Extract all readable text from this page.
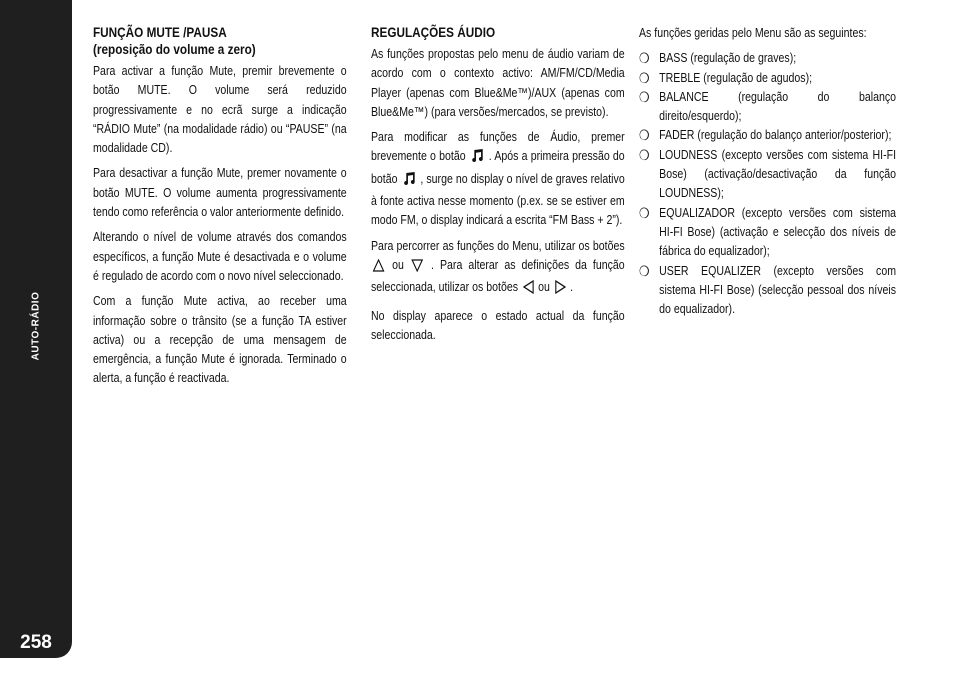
AUTO-RÁDIO
258
FUNÇÃO MUTE /PAUSA
(reposição do volume a zero)

Para activar a função Mute, premir brevemente o botão MUTE. O volume será reduzido progressivamente e no ecrã surge a indicação “RÁDIO Mute” (na modalidade rádio) ou “PAUSE” (na modalidade CD).

Para desactivar a função Mute, premer novamente o botão MUTE. O volume aumenta progressivamente tendo como referência o valor anteriormente definido.

Alterando o nível de volume através dos comandos específicos, a função Mute é desactivada e o volume é regulado de acordo com o novo nível seleccionado.

Com a função Mute activa, ao receber uma informação sobre o trânsito (se a função TA estiver activa) ou a recepção de uma mensagem de emergência, a função Mute é ignorada. Terminado o alerta, a função é reactivada.

REGULAÇÕES ÁUDIO

As funções propostas pelo menu de áudio variam de acordo com o contexto activo: AM/FM/CD/Media Player (apenas com Blue&Me™)/AUX (apenas com Blue&Me™) (para versões/mercados, se previsto).

Para modificar as funções de Áudio, premer brevemente o botão . Após a primeira pressão do botão , surge no display o nível de graves relativo à fonte activa nesse momento (p.ex. se se estiver em modo FM, o display indicará a escrita “FM Bass + 2”).

Para percorrer as funções do Menu, utilizar os botões  ou . Para alterar as definições da função seleccionada, utilizar os botões ou .

No display aparece o estado actual da função seleccionada.

As funções geridas pelo Menu são as seguintes:

❍ BASS (regulação de graves);
❍ TREBLE (regulação de agudos);
❍ BALANCE (regulação do balanço direito/esquerdo);
❍ FADER (regulação do balanço anterior/posterior);
❍ LOUDNESS (excepto versões com sistema HI-FI Bose) (activação/desactivação da função LOUDNESS);
❍ EQUALIZADOR (excepto versões com sistema HI-FI Bose) (activação e selecção dos níveis de fábrica do equalizador);
❍ USER EQUALIZER (excepto versões com sistema HI-FI Bose) (selecção pessoal dos níveis do equalizador).
